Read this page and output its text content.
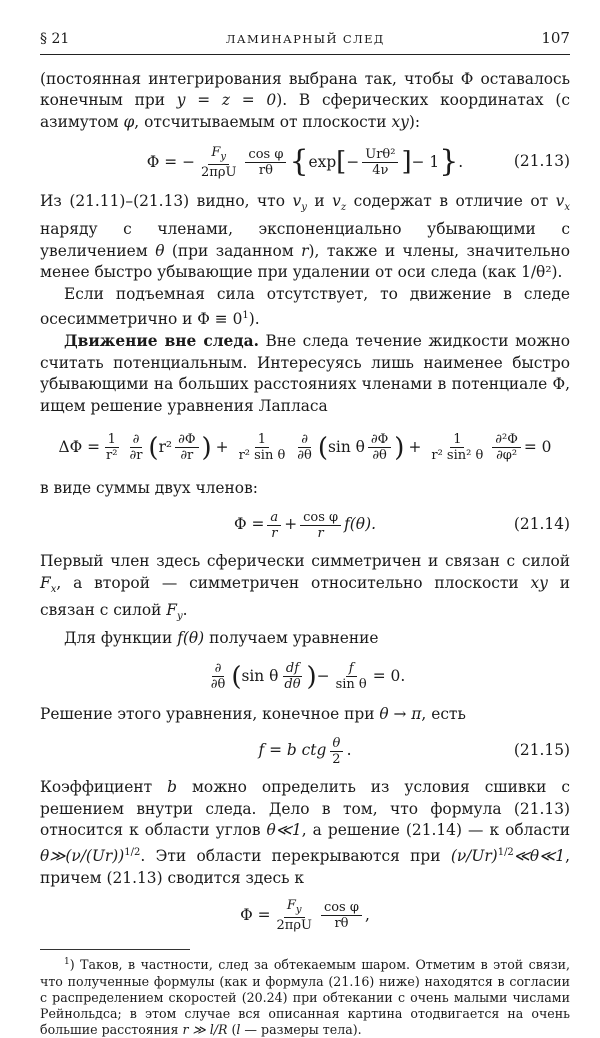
§ 21	ЛАМИНАРНЫЙ СЛЕД	107

(постоянная интегрирования выбрана так, чтобы Φ оставалось конечным при y = z = 0). В сферических координатах (с азимутом φ, отсчитываемым от плоскости xy):

Φ = − $\frac{F_y}{\text{2πρU}} \frac{\text{cos φ}}{r\theta}$ { exp [ − $\frac{\text{Urθ²}}{4\nu}$ ] − 1 } .	(21.13)

Из (21.11)–(21.13) видно, что $v_y$ и $v_z$ содержат в отличие от $v_x$ наряду с членами, экспоненциально убывающими с увеличением θ (при заданном r), также и члены, значительно менее быстро убывающие при удалении от оси следа (как 1/θ²).

Если подъемная сила отсутствует, то движение в следе осесимметрично и $\Phi \equiv 0^1$).

Движение вне следа. Вне следа течение жидкости можно считать потенциальным. Интересуясь лишь наименее быстро убывающими на больших расстояниях членами в потенциале Φ, ищем решение уравнения Лапласа

$\Delta\Phi = \frac{1}{\text{r²}} \frac{\partial}{\partial r}$ ( $r^2 \frac{\partial\Phi}{\partial r}$ ) + $\frac{1}{\text{r² sin θ}} \frac{\partial}{\partial\theta}$ ( sin θ $\frac{\partial\Phi}{\partial\theta}$ ) + $\frac{1}{\text{r² sin² θ}} \frac{\text{∂²Φ}}{\text{∂φ²}} = 0$

в виде суммы двух членов:

$\Phi = \frac{a}{r} + \frac{\text{cos φ}}{r} f(\theta)$.	(21.14)

Первый член здесь сферически симметричен и связан с силой $F_x$, а второй — симметричен относительно плоскости xy и связан с силой $F_y$.

Для функции f(θ) получаем уравнение

$\frac{\partial}{\partial\theta}$ ( sin θ $\frac{df}{d\theta}$ ) − $\frac{f}{\text{sin θ}} = 0$.

Решение этого уравнения, конечное при θ → π, есть

f = b ctg $\frac{\theta}{2}$ .	(21.15)

Коэффициент b можно определить из условия сшивки с решением внутри следа. Дело в том, что формула (21.13) относится к области углов θ≪1, а решение (21.14) — к области $\theta≫(\nu/(Ur))^{1/2}$. Эти области перекрываются при $(\nu/Ur)^{1/2}≪\theta≪1$, причем (21.13) сводится здесь к

$\Phi = \frac{F_y}{\text{2πρU}} \frac{\text{cos φ}}{r\theta}$ ,

$^1$) Таков, в частности, след за обтекаемым шаром. Отметим в этой связи, что полученные формулы (как и формула (21.16) ниже) находятся в согласии с распределением скоростей (20.24) при обтекании с очень малыми числами Рейнольдса; в этом случае вся описанная картина отодвигается на очень большие расстояния r ≫ l/R (l — размеры тела).
